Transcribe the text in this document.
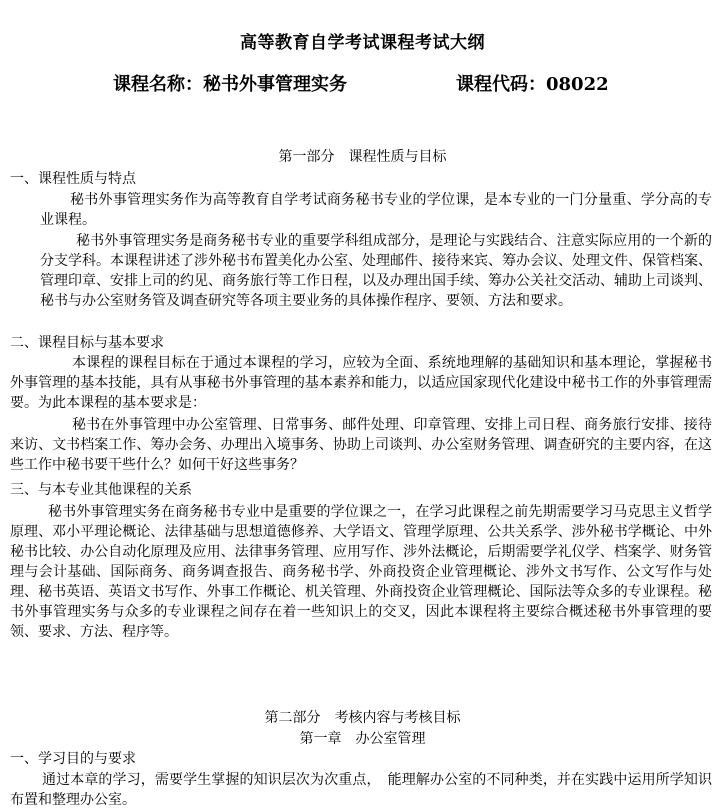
高等教育自学考试课程考试大纲
课程名称：秘书外事管理实务	课程代码：08022
第一部分　课程性质与目标
一、课程性质与特点

秘书外事管理实务作为高等教育自学考试商务秘书专业的学位课，是本专业的一门分量重、学分高的专业课程。

秘书外事管理实务是商务秘书专业的重要学科组成部分，是理论与实践结合、注意实际应用的一个新的分支学科。本课程讲述了涉外秘书布置美化办公室、处理邮件、接待来宾、筹办会议、处理文件、保管档案、管理印章、安排上司的约见、商务旅行等工作日程，以及办理出国手续、筹办公关社交活动、辅助上司谈判、秘书与办公室财务管及调查研究等各项主要业务的具体操作程序、要领、方法和要求。

二、课程目标与基本要求

本课程的课程目标在于通过本课程的学习，应较为全面、系统地理解的基础知识和基本理论，掌握秘书外事管理的基本技能，具有从事秘书外事管理的基本素养和能力，以适应国家现代化建设中秘书工作的外事管理需要。为此本课程的基本要求是：

秘书在外事管理中办公室管理、日常事务、邮件处理、印章管理、安排上司日程、商务旅行安排、接待来访、文书档案工作、筹办会务、办理出入境事务、协助上司谈判、办公室财务管理、调查研究的主要内容，在这些工作中秘书要干些什么？如何干好这些事务？

三、与本专业其他课程的关系

秘书外事管理实务在商务秘书专业中是重要的学位课之一，在学习此课程之前先期需要学习马克思主义哲学原理、邓小平理论概论、法律基础与思想道德修养、大学语文、管理学原理、公共关系学、涉外秘书学概论、中外秘书比较、办公自动化原理及应用、法律事务管理、应用写作、涉外法概论，后期需要学礼仪学、档案学、财务管理与会计基础、国际商务、商务调查报告、商务秘书学、外商投资企业管理概论、涉外文书写作、公文写作与处理、秘书英语、英语文书写作、外事工作概论、机关管理、外商投资企业管理概论、国际法等众多的专业课程。秘书外事管理实务与众多的专业课程之间存在着一些知识上的交叉，因此本课程将主要综合概述秘书外事管理的要领、要求、方法、程序等。

第二部分　考核内容与考核目标
第一章　办公室管理
一、学习目的与要求

通过本章的学习，需要学生掌握的知识层次为次重点，　能理解办公室的不同种类，并在实践中运用所学知识布置和整理办公室。
